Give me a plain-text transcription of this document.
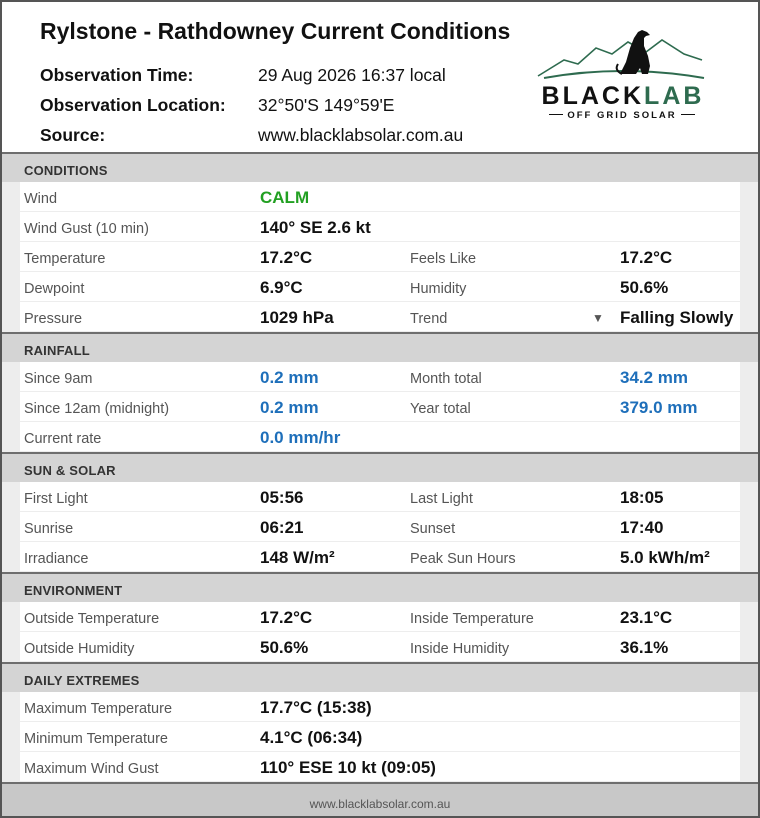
Rylstone - Rathdowney Current Conditions
Observation Time:	29 Aug 2026 16:37 local
Observation Location: 32°50'S 149°59'E
Source:	www.blacklabsolar.com.au
BLACKLAB
OFF GRID SOLAR
CONDITIONS
Wind	CALM
Wind Gust (10 min)	140° SE 2.6 kt
Temperature	17.2°C	Feels Like	17.2°C
Dewpoint	6.9°C	Humidity	50.6%
Pressure	1029 hPa	Trend	▼ Falling Slowly
RAINFALL
Since 9am	0.2 mm	Month total	34.2 mm
Since 12am (midnight)	0.2 mm	Year total	379.0 mm
Current rate	0.0 mm/hr
SUN & SOLAR
First Light	05:56	Last Light	18:05
Sunrise	06:21	Sunset	17:40
Irradiance	148 W/m²	Peak Sun Hours	5.0 kWh/m²
ENVIRONMENT
Outside Temperature	17.2°C	Inside Temperature	23.1°C
Outside Humidity	50.6%	Inside Humidity	36.1%
DAILY EXTREMES
Maximum Temperature	17.7°C (15:38)
Minimum Temperature	4.1°C (06:34)
Maximum Wind Gust	110° ESE 10 kt (09:05)
www.blacklabsolar.com.au
